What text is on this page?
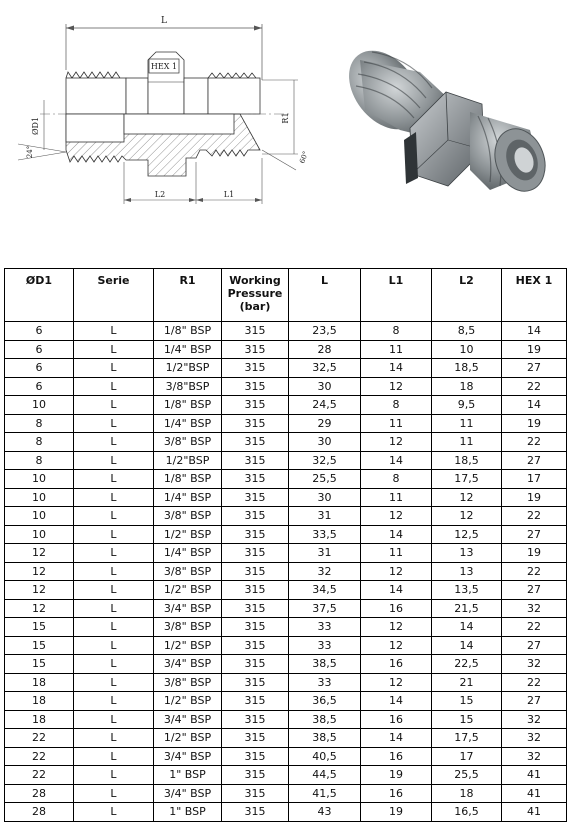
L
HEX 1
ØD1
24°
R1
60°
L2	L1
ØD1	Serie	R1	Working Pressure (bar)	L	L1	L2	HEX 1
6	L	1/8" BSP	315	23,5	8	8,5	14
6	L	1/4" BSP	315	28	11	10	19
6	L	1/2"BSP	315	32,5	14	18,5	27
6	L	3/8"BSP	315	30	12	18	22
10	L	1/8" BSP	315	24,5	8	9,5	14
8	L	1/4" BSP	315	29	11	11	19
8	L	3/8" BSP	315	30	12	11	22
8	L	1/2"BSP	315	32,5	14	18,5	27
10	L	1/8" BSP	315	25,5	8	17,5	17
10	L	1/4" BSP	315	30	11	12	19
10	L	3/8" BSP	315	31	12	12	22
10	L	1/2" BSP	315	33,5	14	12,5	27
12	L	1/4" BSP	315	31	11	13	19
12	L	3/8" BSP	315	32	12	13	22
12	L	1/2" BSP	315	34,5	14	13,5	27
12	L	3/4" BSP	315	37,5	16	21,5	32
15	L	3/8" BSP	315	33	12	14	22
15	L	1/2" BSP	315	33	12	14	27
15	L	3/4" BSP	315	38,5	16	22,5	32
18	L	3/8" BSP	315	33	12	21	22
18	L	1/2" BSP	315	36,5	14	15	27
18	L	3/4" BSP	315	38,5	16	15	32
22	L	1/2" BSP	315	38,5	14	17,5	32
22	L	3/4" BSP	315	40,5	16	17	32
22	L	1" BSP	315	44,5	19	25,5	41
28	L	3/4" BSP	315	41,5	16	18	41
28	L	1" BSP	315	43	19	16,5	41
